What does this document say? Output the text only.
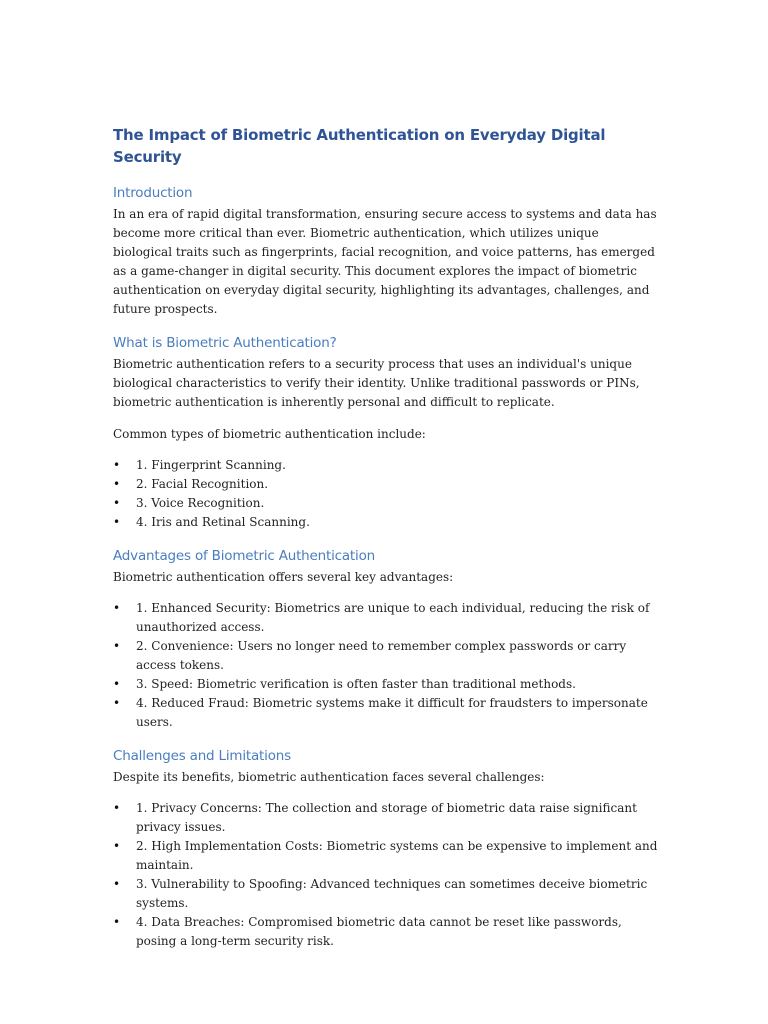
The Impact of Biometric Authentication on Everyday Digital Security
Introduction

In an era of rapid digital transformation, ensuring secure access to systems and data has become more critical than ever. Biometric authentication, which utilizes unique biological traits such as fingerprints, facial recognition, and voice patterns, has emerged as a game-changer in digital security. This document explores the impact of biometric authentication on everyday digital security, highlighting its advantages, challenges, and future prospects.

What is Biometric Authentication?

Biometric authentication refers to a security process that uses an individual's unique biological characteristics to verify their identity. Unlike traditional passwords or PINs, biometric authentication is inherently personal and difficult to replicate.

Common types of biometric authentication include:

• 1. Fingerprint Scanning.
• 2. Facial Recognition.
• 3. Voice Recognition.
• 4. Iris and Retinal Scanning.
Advantages of Biometric Authentication

Biometric authentication offers several key advantages:

• 1. Enhanced Security: Biometrics are unique to each individual, reducing the risk of unauthorized access.
• 2. Convenience: Users no longer need to remember complex passwords or carry access tokens.
• 3. Speed: Biometric verification is often faster than traditional methods.
• 4. Reduced Fraud: Biometric systems make it difficult for fraudsters to impersonate users.
Challenges and Limitations

Despite its benefits, biometric authentication faces several challenges:

• 1. Privacy Concerns: The collection and storage of biometric data raise significant privacy issues.
• 2. High Implementation Costs: Biometric systems can be expensive to implement and maintain.
• 3. Vulnerability to Spoofing: Advanced techniques can sometimes deceive biometric systems.
• 4. Data Breaches: Compromised biometric data cannot be reset like passwords, posing a long-term security risk.
